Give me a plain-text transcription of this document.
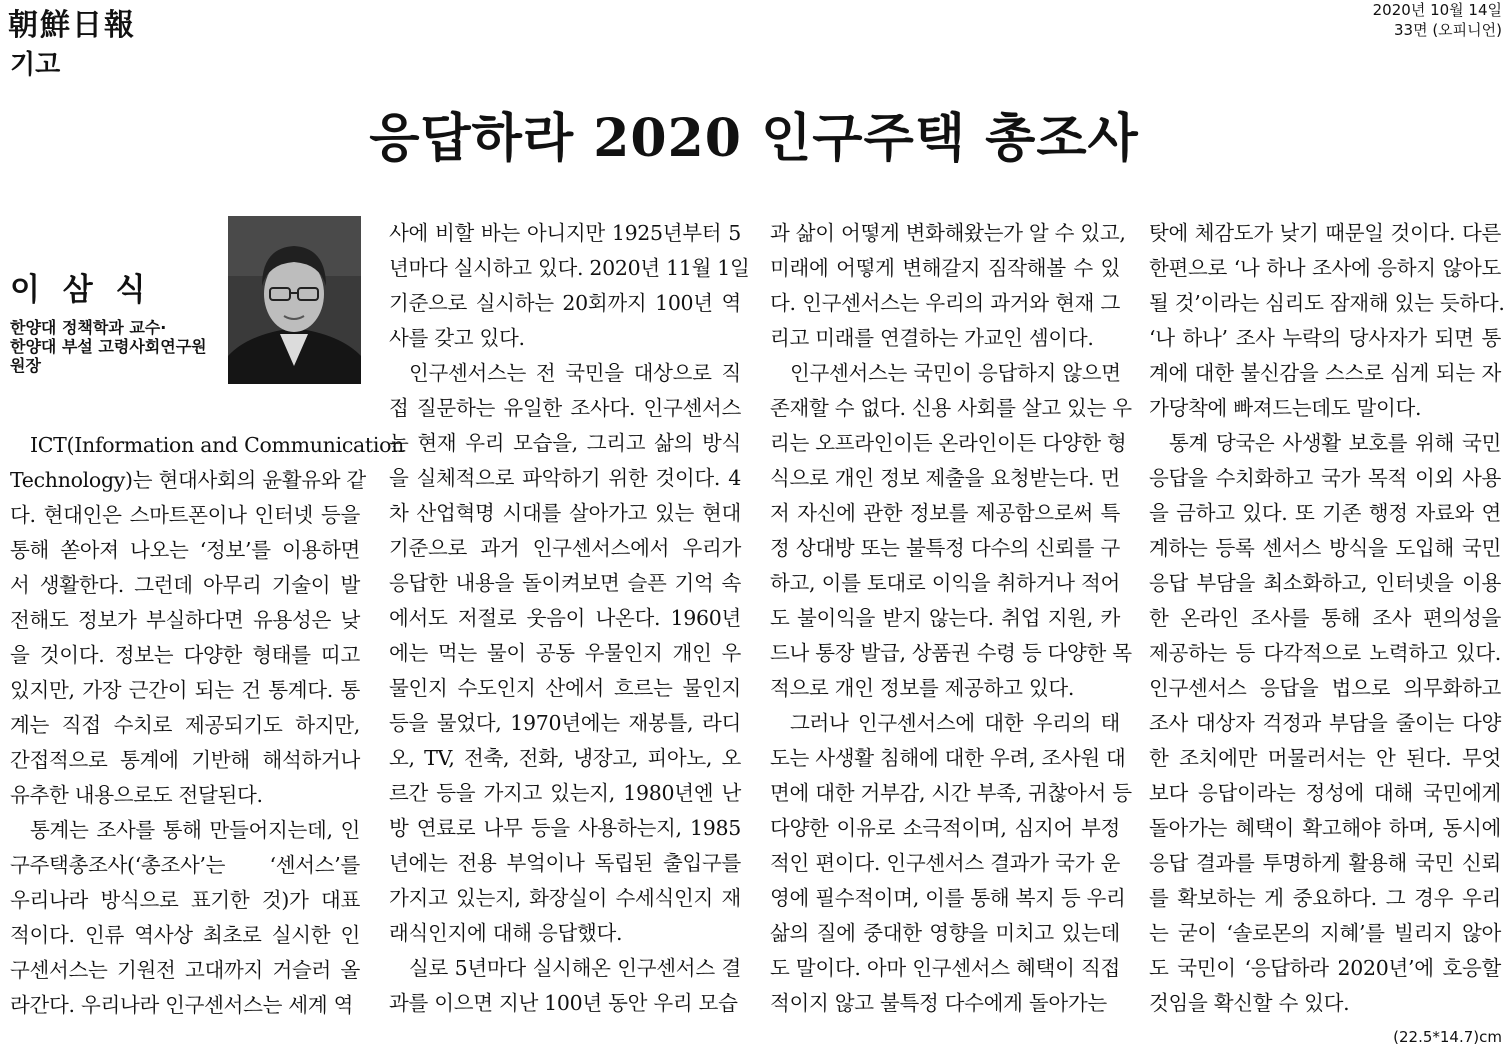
朝鮮日報
기고
2020년 10월 14일
33면 (오피니언)
응답하라 2020 인구주택 총조사
이 삼 식
한양대 정책학과 교수·
한양대 부설 고령사회연구원
원장
ICT(Information and Communication
Technology)는 현대사회의 윤활유와 같
다. 현대인은 스마트폰이나 인터넷 등을
통해 쏟아져 나오는 ‘정보’를 이용하면
서 생활한다. 그런데 아무리 기술이 발
전해도 정보가 부실하다면 유용성은 낮
을 것이다. 정보는 다양한 형태를 띠고
있지만, 가장 근간이 되는 건 통계다. 통
계는 직접 수치로 제공되기도 하지만,
간접적으로 통계에 기반해 해석하거나
유추한 내용으로도 전달된다.
통계는 조사를 통해 만들어지는데, 인
구주택총조사(‘총조사’는 ‘센서스’를
우리나라 방식으로 표기한 것)가 대표
적이다. 인류 역사상 최초로 실시한 인
구센서스는 기원전 고대까지 거슬러 올
라간다. 우리나라 인구센서스는 세계 역
사에 비할 바는 아니지만 1925년부터 5
년마다 실시하고 있다. 2020년 11월 1일
기준으로 실시하는 20회까지 100년 역
사를 갖고 있다.
인구센서스는 전 국민을 대상으로 직
접 질문하는 유일한 조사다. 인구센서스
는 현재 우리 모습을, 그리고 삶의 방식
을 실체적으로 파악하기 위한 것이다. 4
차 산업혁명 시대를 살아가고 있는 현대
기준으로 과거 인구센서스에서 우리가
응답한 내용을 돌이켜보면 슬픈 기억 속
에서도 저절로 웃음이 나온다. 1960년
에는 먹는 물이 공동 우물인지 개인 우
물인지 수도인지 산에서 흐르는 물인지
등을 물었다, 1970년에는 재봉틀, 라디
오, TV, 전축, 전화, 냉장고, 피아노, 오
르간 등을 가지고 있는지, 1980년엔 난
방 연료로 나무 등을 사용하는지, 1985
년에는 전용 부엌이나 독립된 출입구를
가지고 있는지, 화장실이 수세식인지 재
래식인지에 대해 응답했다.
실로 5년마다 실시해온 인구센서스 결
과를 이으면 지난 100년 동안 우리 모습
과 삶이 어떻게 변화해왔는가 알 수 있고,
미래에 어떻게 변해갈지 짐작해볼 수 있
다. 인구센서스는 우리의 과거와 현재 그
리고 미래를 연결하는 가교인 셈이다.
인구센서스는 국민이 응답하지 않으면
존재할 수 없다. 신용 사회를 살고 있는 우
리는 오프라인이든 온라인이든 다양한 형
식으로 개인 정보 제출을 요청받는다. 먼
저 자신에 관한 정보를 제공함으로써 특
정 상대방 또는 불특정 다수의 신뢰를 구
하고, 이를 토대로 이익을 취하거나 적어
도 불이익을 받지 않는다. 취업 지원, 카
드나 통장 발급, 상품권 수령 등 다양한 목
적으로 개인 정보를 제공하고 있다.
그러나 인구센서스에 대한 우리의 태
도는 사생활 침해에 대한 우려, 조사원 대
면에 대한 거부감, 시간 부족, 귀찮아서 등
다양한 이유로 소극적이며, 심지어 부정
적인 편이다. 인구센서스 결과가 국가 운
영에 필수적이며, 이를 통해 복지 등 우리
삶의 질에 중대한 영향을 미치고 있는데
도 말이다. 아마 인구센서스 혜택이 직접
적이지 않고 불특정 다수에게 돌아가는
탓에 체감도가 낮기 때문일 것이다. 다른
한편으로 ‘나 하나 조사에 응하지 않아도
될 것’이라는 심리도 잠재해 있는 듯하다.
‘나 하나’ 조사 누락의 당사자가 되면 통
계에 대한 불신감을 스스로 심게 되는 자
가당착에 빠져드는데도 말이다.
통계 당국은 사생활 보호를 위해 국민
응답을 수치화하고 국가 목적 이외 사용
을 금하고 있다. 또 기존 행정 자료와 연
계하는 등록 센서스 방식을 도입해 국민
응답 부담을 최소화하고, 인터넷을 이용
한 온라인 조사를 통해 조사 편의성을
제공하는 등 다각적으로 노력하고 있다.
인구센서스 응답을 법으로 의무화하고
조사 대상자 걱정과 부담을 줄이는 다양
한 조치에만 머물러서는 안 된다. 무엇
보다 응답이라는 정성에 대해 국민에게
돌아가는 혜택이 확고해야 하며, 동시에
응답 결과를 투명하게 활용해 국민 신뢰
를 확보하는 게 중요하다. 그 경우 우리
는 굳이 ‘솔로몬의 지혜’를 빌리지 않아
도 국민이 ‘응답하라 2020년’에 호응할
것임을 확신할 수 있다.
(22.5*14.7)cm
